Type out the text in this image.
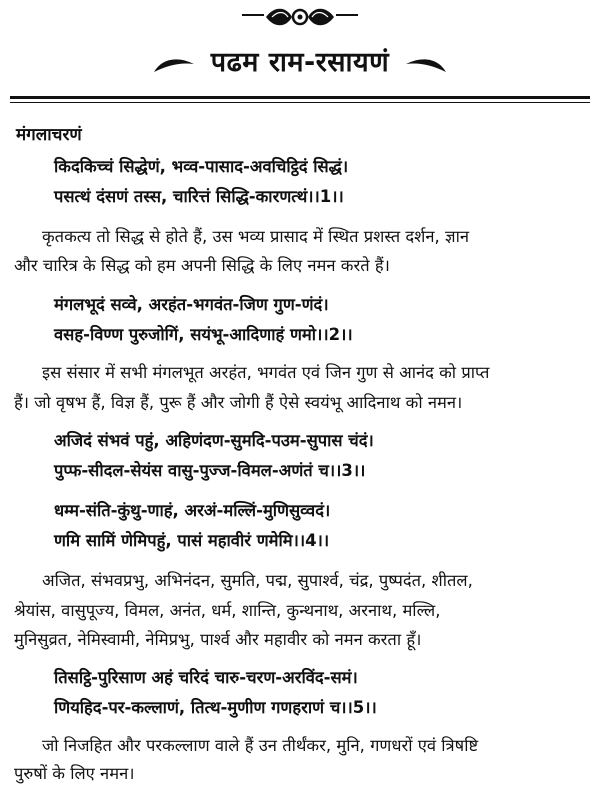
पढम राम-रसायणं
मंगलाचरणं
किदकिच्चं सिद्धेणं, भव्व-पासाद-अवचिट्ठिदं सिद्धं।
पसत्थं दंसणं तस्स, चारित्तं सिद्धि-कारणत्थं।।1।।
कृतकत्य तो सिद्ध से होते हैं, उस भव्य प्रासाद में स्थित प्रशस्त दर्शन, ज्ञान
और चारित्र के सिद्ध को हम अपनी सिद्धि के लिए नमन करते हैं।
मंगलभूदं सव्वे, अरहंत-भगवंत-जिण गुण-णंदं।
वसह-विण्ण पुरुजोगिं, सयंभू-आदिणाहं णमो।।2।।
इस संसार में सभी मंगलभूत अरहंत, भगवंत एवं जिन गुण से आनंद को प्राप्त
हैं। जो वृषभ हैं, विज्ञ हैं, पुरू हैं और जोगी हैं ऐसे स्वयंभू आदिनाथ को नमन।
अजिदं संभवं पहुं, अहिणंदण-सुमदि-पउम-सुपास चंदं।
पुप्फ-सीदल-सेयंस वासु-पुज्ज-विमल-अणंतं च।।3।।
धम्म-संति-कुंथु-णाहं, अरअं-मल्लिं-मुणिसुव्वदं।
णमि सामिं णेमिपहुं, पासं महावीरं णमेमि।।4।।
अजित, संभवप्रभु, अभिनंदन, सुमति, पद्म, सुपार्श्व, चंद्र, पुष्पदंत, शीतल,
श्रेयांस, वासुपूज्य, विमल, अनंत, धर्म, शान्ति, कुन्थनाथ, अरनाथ, मल्लि,
मुनिसुव्रत, नेमिस्वामी, नेमिप्रभु, पार्श्व और महावीर को नमन करता हूँ।
तिसट्ठि-पुरिसाण अहं चरिदं चारु-चरण-अरविंद-समं।
णियहिद-पर-कल्लाणं, तित्थ-मुणीण गणहराणं च।।5।।
जो निजहित और परकल्लाण वाले हैं उन तीर्थंकर, मुनि, गणधरों एवं त्रिषष्टि
पुरुषों के लिए नमन।
